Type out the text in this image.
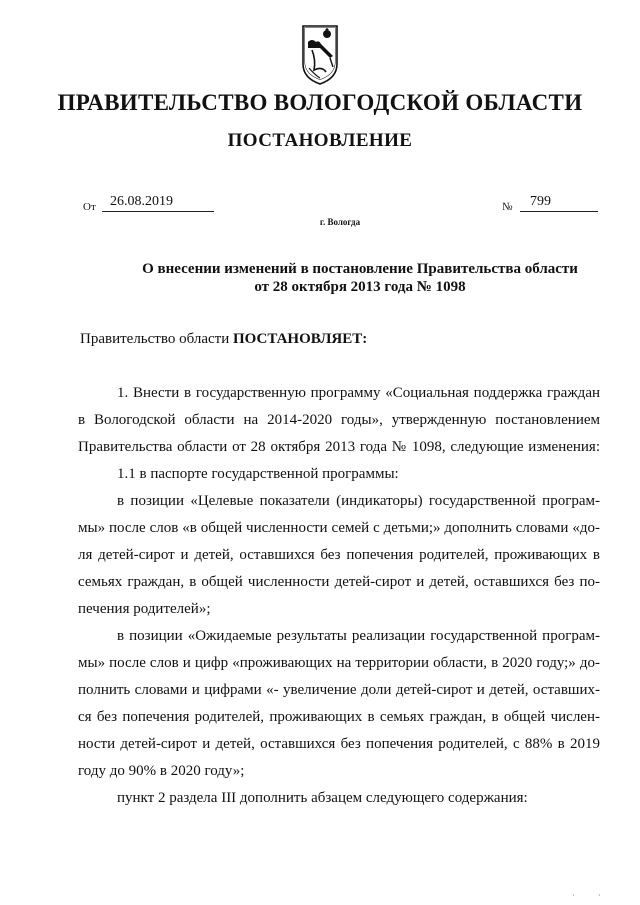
ПРАВИТЕЛЬСТВО ВОЛОГОДСКОЙ ОБЛАСТИ
ПОСТАНОВЛЕНИЕ
От	26.08.2019	№	799
г. Вологда
О внесении изменений в постановление Правительства области
от 28 октября 2013 года № 1098
Правительство области ПОСТАНОВЛЯЕТ:
1. Внести в государственную программу «Социальная поддержка граждан
в Вологодской области на 2014-2020 годы», утвержденную постановлением
Правительства области от 28 октября 2013 года № 1098, следующие изменения:
1.1 в паспорте государственной программы:
в позиции «Целевые показатели (индикаторы) государственной програм-
мы» после слов «в общей численности семей с детьми;» дополнить словами «до-
ля детей-сирот и детей, оставшихся без попечения родителей, проживающих в
семьях граждан, в общей численности детей-сирот и детей, оставшихся без по-
печения родителей»;
в позиции «Ожидаемые результаты реализации государственной програм-
мы» после слов и цифр «проживающих на территории области, в 2020 году;» до-
полнить словами и цифрами «- увеличение доли детей-сирот и детей, оставших-
ся без попечения родителей, проживающих в семьях граждан, в общей числен-
ности детей-сирот и детей, оставшихся без попечения родителей, с 88% в 2019
году до 90% в 2020 году»;
пункт 2 раздела III дополнить абзацем следующего содержания:
·	·
